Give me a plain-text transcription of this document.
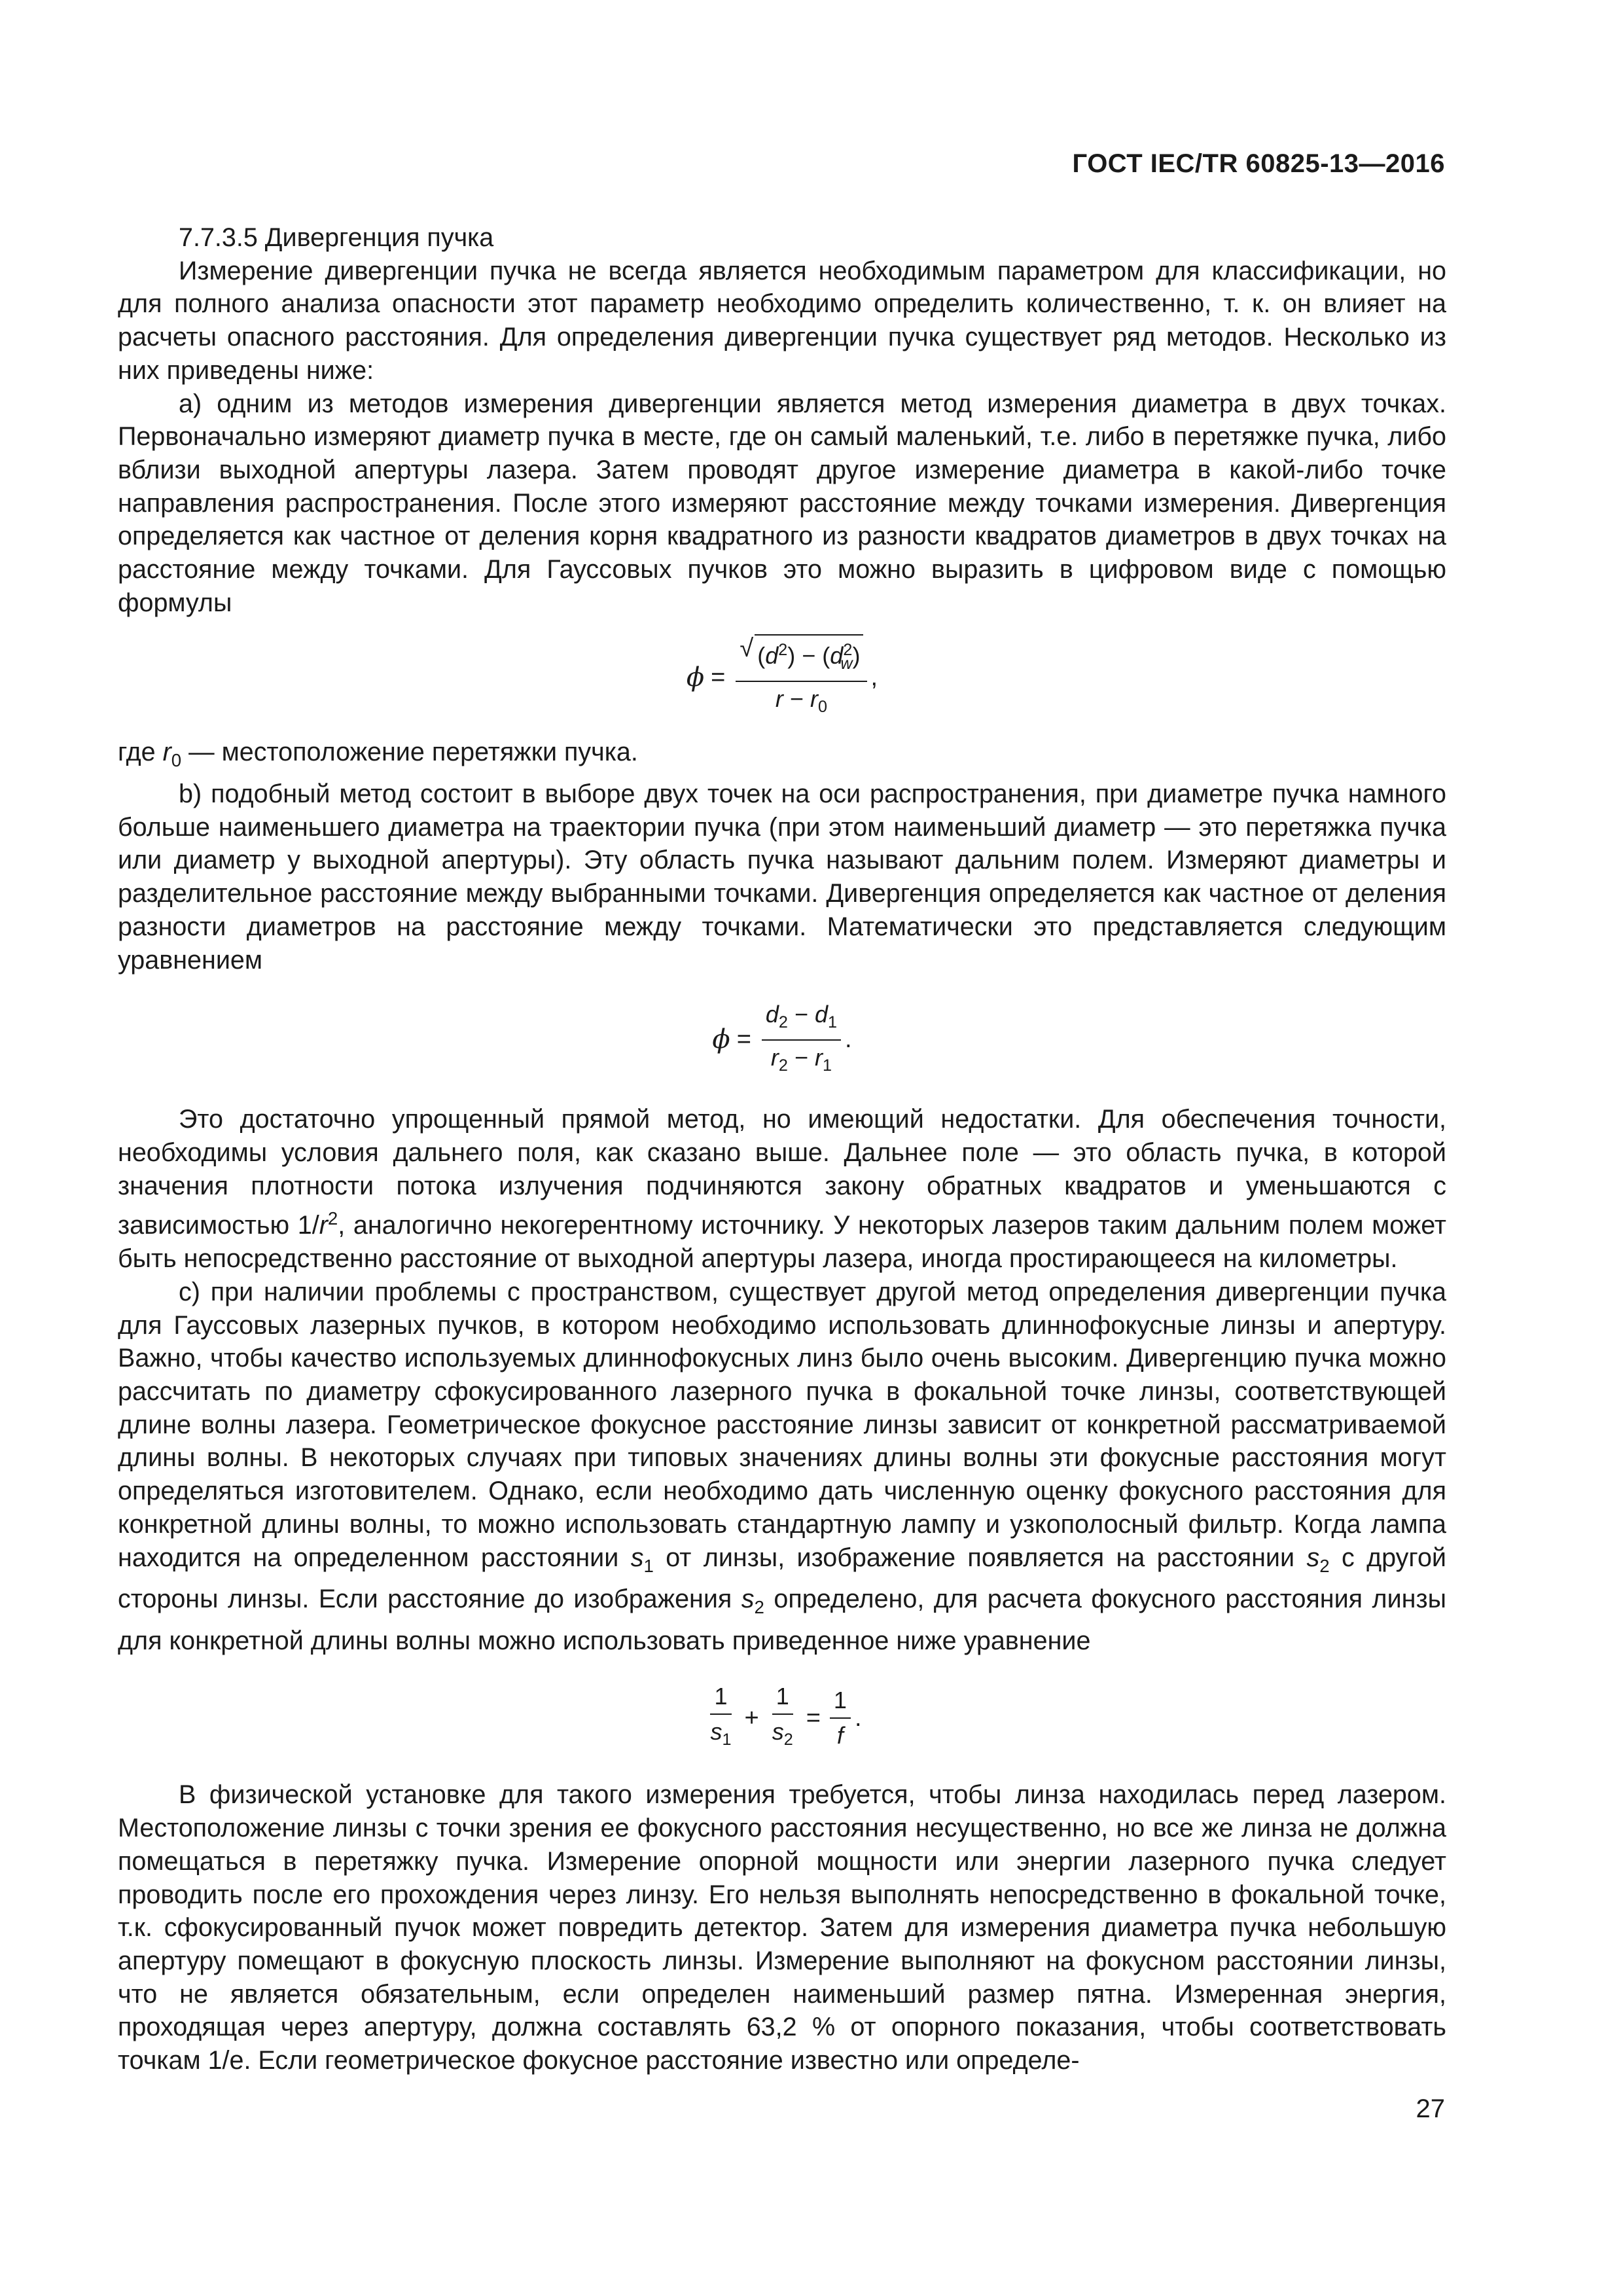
ГОСТ IEC/TR 60825-13—2016

7.7.3.5 Дивергенция пучка

Измерение дивергенции пучка не всегда является необходимым параметром для классификации, но для полного анализа опасности этот параметр необходимо определить количественно, т. к. он влияет на расчеты опасного расстояния. Для определения дивергенции пучка существует ряд методов. Несколько из них приведены ниже:

а) одним из методов измерения дивергенции является метод измерения диаметра в двух точках. Первоначально измеряют диаметр пучка в месте, где он самый маленький, т.е. либо в перетяжке пучка, либо вблизи выходной апертуры лазера. Затем проводят другое измерение диаметра в какой-либо точке направления распространения. После этого измеряют расстояние между точками измерения. Дивергенция определяется как частное от деления корня квадратного из разности квадратов диаметров в двух точках на расстояние между точками. Для Гауссовых пучков это можно выразить в цифровом виде с помощью формулы

$\phi = \frac{√ (d^2) - (d^2_w)}{r - r_0}$ ,

где $r_0$ — местоположение перетяжки пучка.

b) подобный метод состоит в выборе двух точек на оси распространения, при диаметре пучка намного больше наименьшего диаметра на траектории пучка (при этом наименьший диаметр — это перетяжка пучка или диаметр у выходной апертуры). Эту область пучка называют дальним полем. Измеряют диаметры и разделительное расстояние между выбранными точками. Дивергенция определяется как частное от деления разности диаметров на расстояние между точками. Математически это представляется следующим уравнением

$\phi = \frac{d_2 - d_1}{r_2 - r_1}$ .

Это достаточно упрощенный прямой метод, но имеющий недостатки. Для обеспечения точности, необходимы условия дальнего поля, как сказано выше. Дальнее поле — это область пучка, в которой значения плотности потока излучения подчиняются закону обратных квадратов и уменьшаются с зависимостью $1/r^2$, аналогично некогерентному источнику. У некоторых лазеров таким дальним полем может быть непосредственно расстояние от выходной апертуры лазера, иногда простирающееся на километры.

с) при наличии проблемы с пространством, существует другой метод определения дивергенции пучка для Гауссовых лазерных пучков, в котором необходимо использовать длиннофокусные линзы и апертуру. Важно, чтобы качество используемых длиннофокусных линз было очень высоким. Дивергенцию пучка можно рассчитать по диаметру сфокусированного лазерного пучка в фокальной точке линзы, соответствующей длине волны лазера. Геометрическое фокусное расстояние линзы зависит от конкретной рассматриваемой длины волны. В некоторых случаях при типовых значениях длины волны эти фокусные расстояния могут определяться изготовителем. Однако, если необходимо дать численную оценку фокусного расстояния для конкретной длины волны, то можно использовать стандартную лампу и узкополосный фильтр. Когда лампа находится на определенном расстоянии $s_1$ от линзы, изображение появляется на расстоянии $s_2$ с другой стороны линзы. Если расстояние до изображения $s_2$ определено, для расчета фокусного расстояния линзы для конкретной длины волны можно использовать приведенное ниже уравнение

$\frac{1}{s_1} + \frac{1}{s_2} = \frac{1}{f}$ .

В физической установке для такого измерения требуется, чтобы линза находилась перед лазером. Местоположение линзы с точки зрения ее фокусного расстояния несущественно, но все же линза не должна помещаться в перетяжку пучка. Измерение опорной мощности или энергии лазерного пучка следует проводить после его прохождения через линзу. Его нельзя выполнять непосредственно в фокальной точке, т.к. сфокусированный пучок может повредить детектор. Затем для измерения диаметра пучка небольшую апертуру помещают в фокусную плоскость линзы. Измерение выполняют на фокусном расстоянии линзы, что не является обязательным, если определен наименьший размер пятна. Измеренная энергия, проходящая через апертуру, должна составлять 63,2 % от опорного показания, чтобы соответствовать точкам 1/е. Если геометрическое фокусное расстояние известно или определе-

27
